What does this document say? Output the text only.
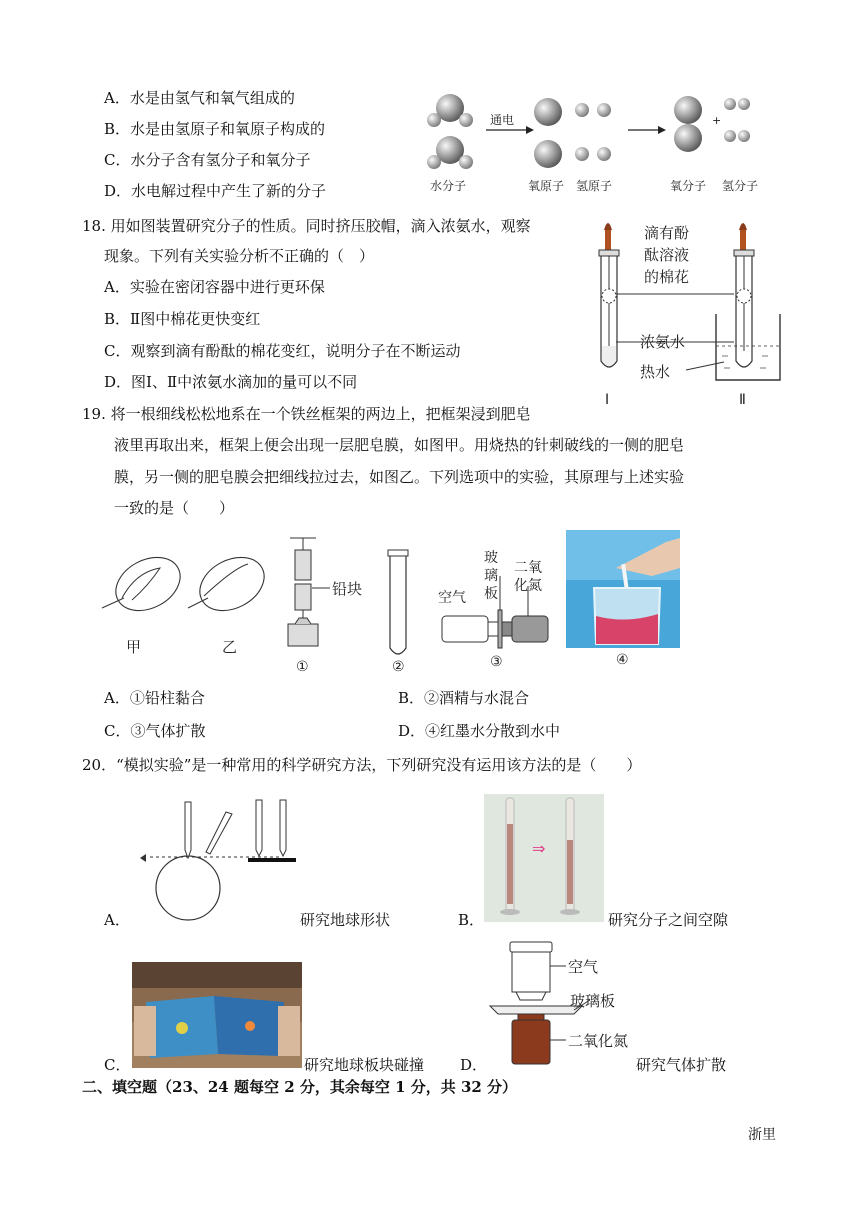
A．水是由氢气和氧气组成的
B．水是由氢原子和氧原子构成的
C．水分子含有氢分子和氧分子
D．水电解过程中产生了新的分子	水分子
通电
氧原子 氢原子
+
氧分子 氢分子
18. 用如图装置研究分子的性质。同时挤压胶帽，滴入浓氨水，观察
现象。下列有关实验分析不正确的（　）
A．实验在密闭容器中进行更环保
B．Ⅱ图中棉花更快变红
C．观察到滴有酚酞的棉花变红，说明分子在不断运动
D．图Ⅰ、Ⅱ中浓氨水滴加的量可以不同
滴有酚
酞溶液
的棉花
浓氨水
热水
Ⅰ	Ⅱ
19. 将一根细线松松地系在一个铁丝框架的两边上，把框架浸到肥皂
液里再取出来，框架上便会出现一层肥皂膜，如图甲。用烧热的针刺破线的一侧的肥皂
膜，另一侧的肥皂膜会把细线拉过去，如图乙。下列选项中的实验，其原理与上述实验
一致的是（　　）
甲	乙
铅块
①	②
空气
玻
璃
板
二氧
化氮
③	④
A．①铅柱黏合	B．②酒精与水混合
C．③气体扩散	D．④红墨水分散到水中
20．“模拟实验”是一种常用的科学研究方法，下列研究没有运用该方法的是（　　）
A．	研究地球形状
⇒
B．	研究分子之间空隙
C．	研究地球板块碰撞
空气
玻璃板
二氧化氮
D．	研究气体扩散
二、填空题（23、24 题每空 2 分，其余每空 1 分，共 32 分）
浙里
